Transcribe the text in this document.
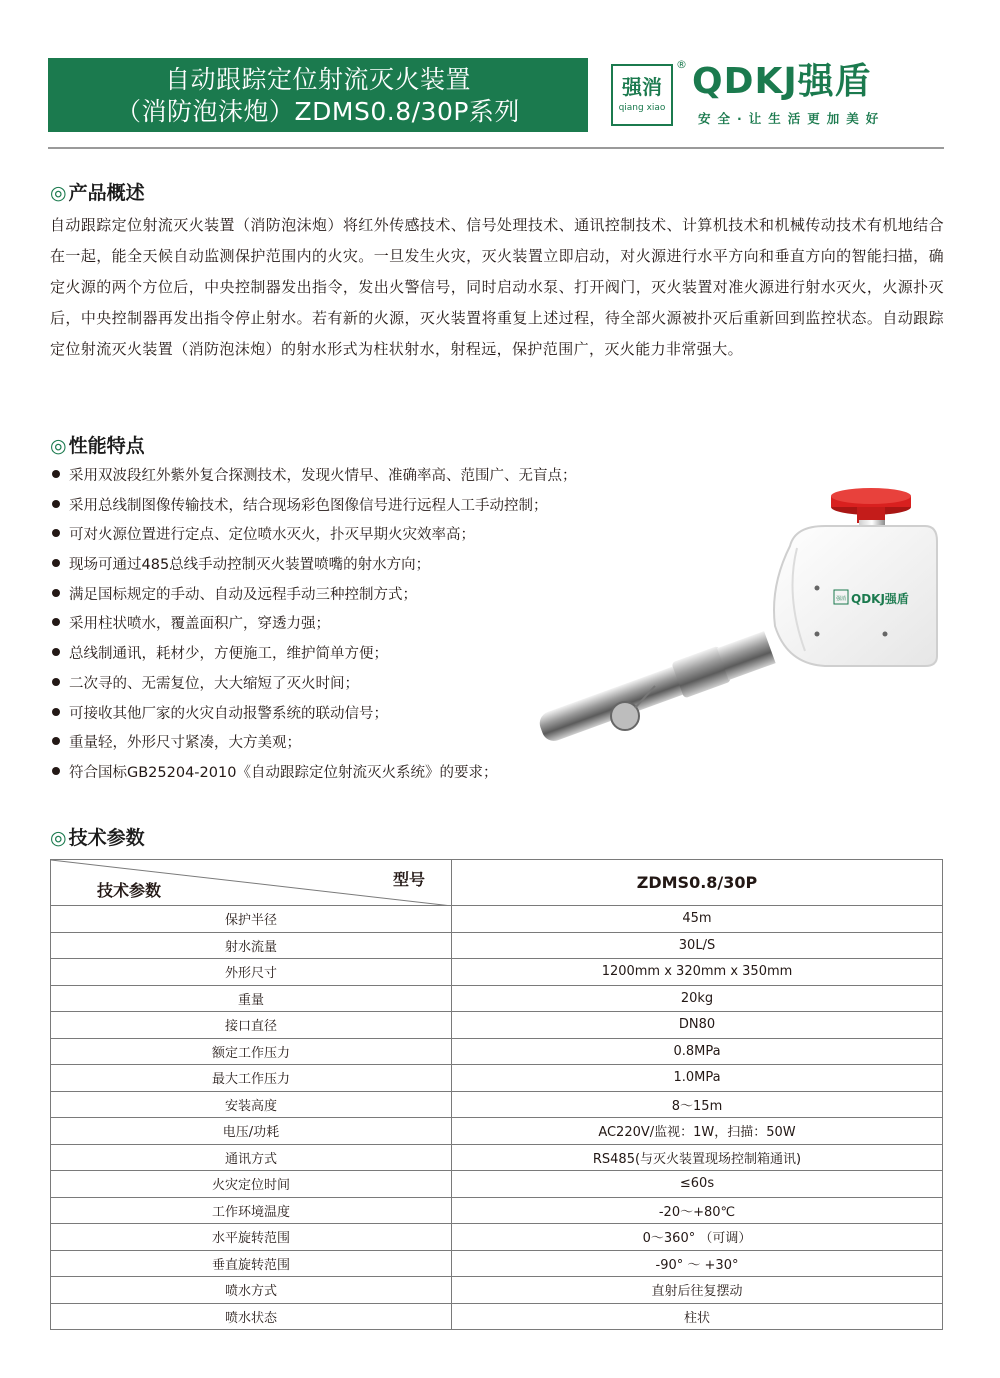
自动跟踪定位射流灭火装置
（消防泡沫炮）ZDMS0.8/30P系列
强消
qiang xiao
® QDKJ强盾
安全·让生活更加美好
◎ 产品概述

自动跟踪定位射流灭火装置（消防泡沫炮）将红外传感技术、信号处理技术、通讯控制技术、计算机技术和机械传动技术有机地结合在一起，能全天候自动监测保护范围内的火灾。一旦发生火灾，灭火装置立即启动，对火源进行水平方向和垂直方向的智能扫描，确定火源的两个方位后，中央控制器发出指令，发出火警信号，同时启动水泵、打开阀门，灭火装置对准火源进行射水灭火，火源扑灭后，中央控制器再发出指令停止射水。若有新的火源，灭火装置将重复上述过程，待全部火源被扑灭后重新回到监控状态。自动跟踪定位射流灭火装置（消防泡沫炮）的射水形式为柱状射水，射程远，保护范围广，灭火能力非常强大。

◎ 性能特点
采用双波段红外紫外复合探测技术，发现火情早、准确率高、范围广、无盲点；
采用总线制图像传输技术，结合现场彩色图像信号进行远程人工手动控制；
可对火源位置进行定点、定位喷水灭火，扑灭早期火灾效率高；
现场可通过485总线手动控制灭火装置喷嘴的射水方向；
满足国标规定的手动、自动及远程手动三种控制方式；
采用柱状喷水，覆盖面积广，穿透力强；
总线制通讯，耗材少，方便施工，维护简单方便；
二次寻的、无需复位，大大缩短了灭火时间；
可接收其他厂家的火灾自动报警系统的联动信号；
重量轻，外形尺寸紧凑，大方美观；
符合国标GB25204-2010《自动跟踪定位射流灭火系统》的要求；
强消 QDKJ强盾
◎ 技术参数
型号
技术参数	ZDMS0.8/30P
保护半径	45m
射水流量	30L/S
外形尺寸	1200mm x 320mm x 350mm
重量	20kg
接口直径	DN80
额定工作压力	0.8MPa
最大工作压力	1.0MPa
安装高度	8～15m
电压/功耗	AC220V/监视：1W，扫描：50W
通讯方式	RS485(与灭火装置现场控制箱通讯)
火灾定位时间	≤60s
工作环境温度	-20～+80℃
水平旋转范围	0～360° （可调）
垂直旋转范围	-90° ～ +30°
喷水方式	直射后往复摆动
喷水状态	柱状
